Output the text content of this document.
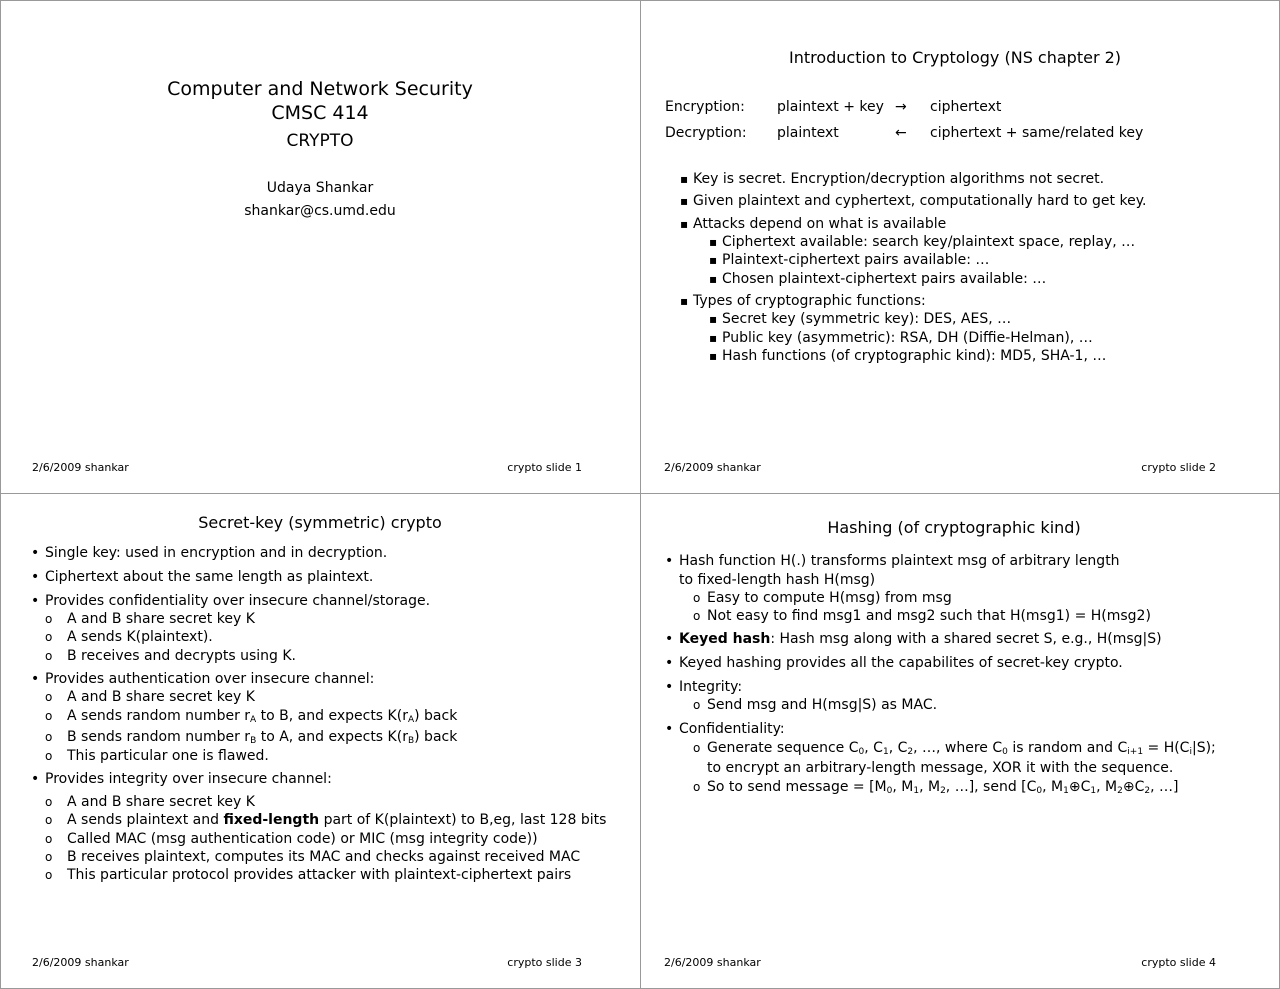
Computer and Network Security
CMSC 414
CRYPTO
Udaya Shankar
shankar@cs.umd.edu
2/6/2009 shankar	crypto slide 1
Introduction to Cryptology (NS chapter 2)
Encryption: plaintext + key → ciphertext
Decryption: plaintext	← ciphertext + same/related key
▪ Key is secret. Encryption/decryption algorithms not secret.
▪ Given plaintext and cyphertext, computationally hard to get key.
▪ Attacks depend on what is available
▪ Ciphertext available: search key/plaintext space, replay, …
▪ Plaintext-ciphertext pairs available: …
▪ Chosen plaintext-ciphertext pairs available: …
▪ Types of cryptographic functions:
▪ Secret key (symmetric key): DES, AES, …
▪ Public key (asymmetric): RSA, DH (Diffie-Helman), …
▪ Hash functions (of cryptographic kind): MD5, SHA-1, …
2/6/2009 shankar	crypto slide 2
Secret-key (symmetric) crypto
• Single key: used in encryption and in decryption.
• Ciphertext about the same length as plaintext.
• Provides confidentiality over insecure channel/storage.
o A and B share secret key K
o A sends K(plaintext).
o B receives and decrypts using K.
• Provides authentication over insecure channel:
o A and B share secret key K
o A sends random number $r_A$ to B, and expects $K(r_A)$ back
o B sends random number $r_B$ to A, and expects $K(r_B)$ back
o This particular one is flawed.
• Provides integrity over insecure channel:
o A and B share secret key K
o A sends plaintext and fixed-length part of K(plaintext) to B,eg, last 128 bits
o Called MAC (msg authentication code) or MIC (msg integrity code))
o B receives plaintext, computes its MAC and checks against received MAC
o This particular protocol provides attacker with plaintext-ciphertext pairs
2/6/2009 shankar	crypto slide 3
Hashing (of cryptographic kind)
• Hash function H(.) transforms plaintext msg of arbitrary length
to fixed-length hash H(msg)
o Easy to compute H(msg) from msg
o Not easy to find msg1 and msg2 such that H(msg1) = H(msg2)
• Keyed hash: Hash msg along with a shared secret S, e.g., H(msg|S)
• Keyed hashing provides all the capabilites of secret-key crypto.
• Integrity:
o Send msg and H(msg|S) as MAC.
• Confidentiality:
o Generate sequence $C_0$, $C_1$, $C_2$, …, where $C_0$ is random and $C_{i+1} = H(C_i|S)$;
to encrypt an arbitrary-length message, XOR it with the sequence.
o So to send message = [$M_0$, $M_1$, $M_2$, …], send [$C_0$, $M_1\oplus C_1$, $M_2\oplus C_2$, …]
2/6/2009 shankar	crypto slide 4
